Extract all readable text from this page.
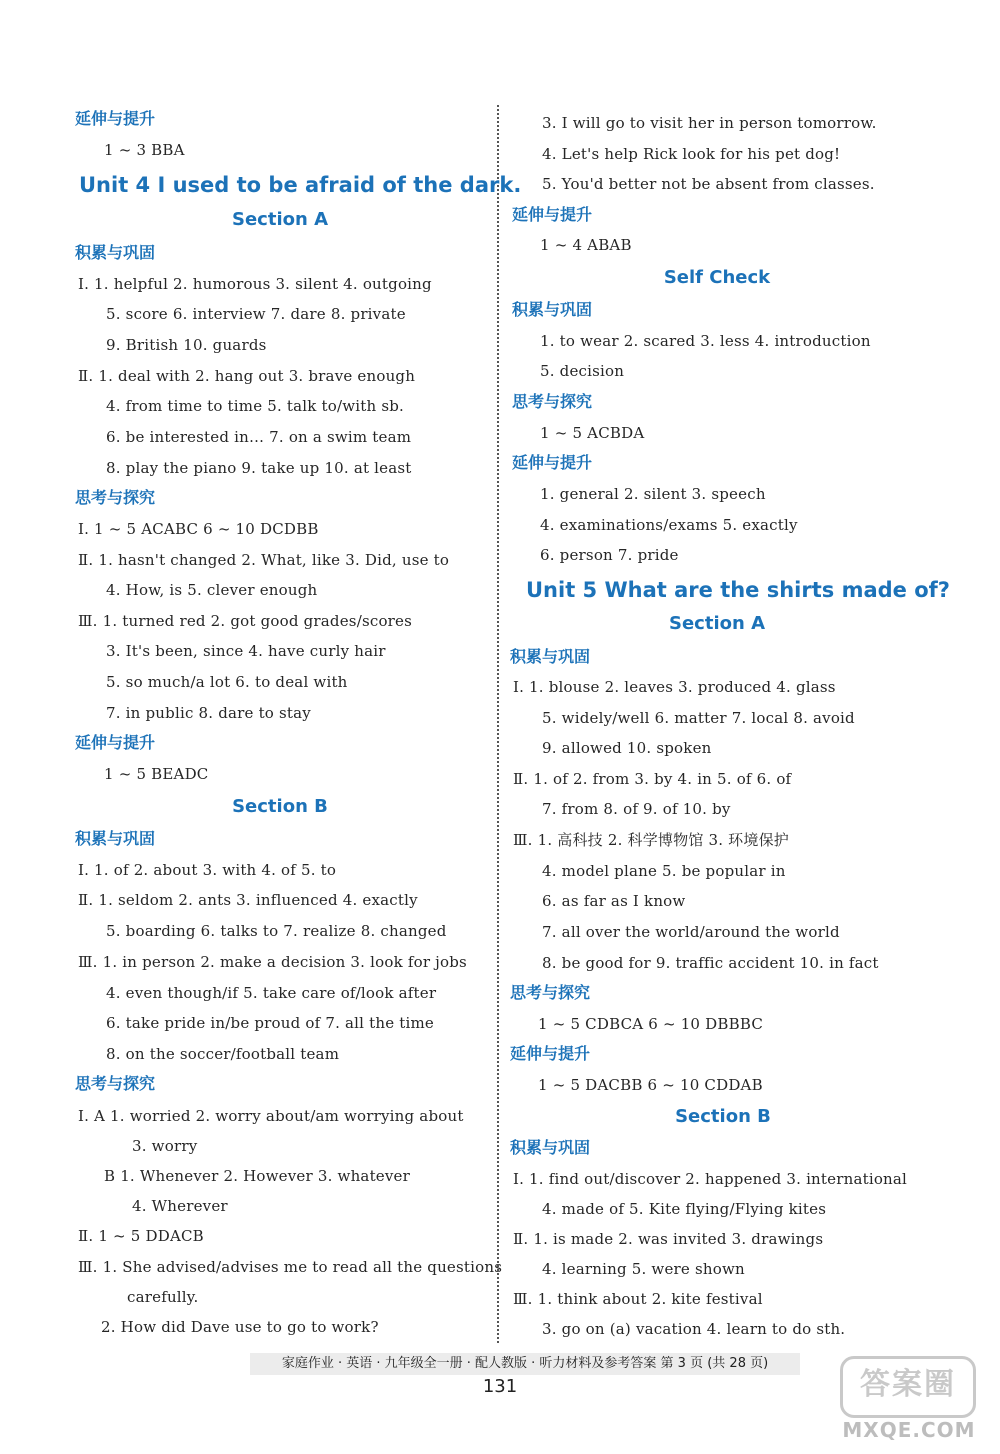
延伸与提升
1 ~ 3 BBA
Unit 4 I used to be afraid of the dark.
Section A
积累与巩固
Ⅰ. 1. helpful 2. humorous 3. silent 4. outgoing
5. score 6. interview 7. dare 8. private
9. British 10. guards
Ⅱ. 1. deal with 2. hang out 3. brave enough
4. from time to time 5. talk to/with sb.
6. be interested in… 7. on a swim team
8. play the piano 9. take up 10. at least
思考与探究
Ⅰ. 1 ~ 5 ACABC 6 ~ 10 DCDBB
Ⅱ. 1. hasn't changed 2. What, like 3. Did, use to
4. How, is 5. clever enough
Ⅲ. 1. turned red 2. got good grades/scores
3. It's been, since 4. have curly hair
5. so much/a lot 6. to deal with
7. in public 8. dare to stay
延伸与提升
1 ~ 5 BEADC
Section B
积累与巩固
Ⅰ. 1. of 2. about 3. with 4. of 5. to
Ⅱ. 1. seldom 2. ants 3. influenced 4. exactly
5. boarding 6. talks to 7. realize 8. changed
Ⅲ. 1. in person 2. make a decision 3. look for jobs
4. even though/if 5. take care of/look after
6. take pride in/be proud of 7. all the time
8. on the soccer/football team
思考与探究
Ⅰ. A 1. worried 2. worry about/am worrying about
3. worry
B 1. Whenever 2. However 3. whatever
4. Wherever
Ⅱ. 1 ~ 5 DDACB
Ⅲ. 1. She advised/advises me to read all the questions
carefully.
2. How did Dave use to go to work?
3. I will go to visit her in person tomorrow.
4. Let's help Rick look for his pet dog!
5. You'd better not be absent from classes.
延伸与提升
1 ~ 4 ABAB
Self Check
积累与巩固
1. to wear 2. scared 3. less 4. introduction
5. decision
思考与探究
1 ~ 5 ACBDA
延伸与提升
1. general 2. silent 3. speech
4. examinations/exams 5. exactly
6. person 7. pride
Unit 5 What are the shirts made of?
Section A
积累与巩固
Ⅰ. 1. blouse 2. leaves 3. produced 4. glass
5. widely/well 6. matter 7. local 8. avoid
9. allowed 10. spoken
Ⅱ. 1. of 2. from 3. by 4. in 5. of 6. of
7. from 8. of 9. of 10. by
Ⅲ. 1. 高科技 2. 科学博物馆 3. 环境保护
4. model plane 5. be popular in
6. as far as I know
7. all over the world/around the world
8. be good for 9. traffic accident 10. in fact
思考与探究
1 ~ 5 CDBCA 6 ~ 10 DBBBC
延伸与提升
1 ~ 5 DACBB 6 ~ 10 CDDAB
Section B
积累与巩固
Ⅰ. 1. find out/discover 2. happened 3. international
4. made of 5. Kite flying/Flying kites
Ⅱ. 1. is made 2. was invited 3. drawings
4. learning 5. were shown
Ⅲ. 1. think about 2. kite festival
3. go on (a) vacation 4. learn to do sth.
家庭作业 · 英语 · 九年级全一册 · 配人教版 · 听力材料及参考答案 第 3 页 (共 28 页)
131	答案圈
MXQE.COM
